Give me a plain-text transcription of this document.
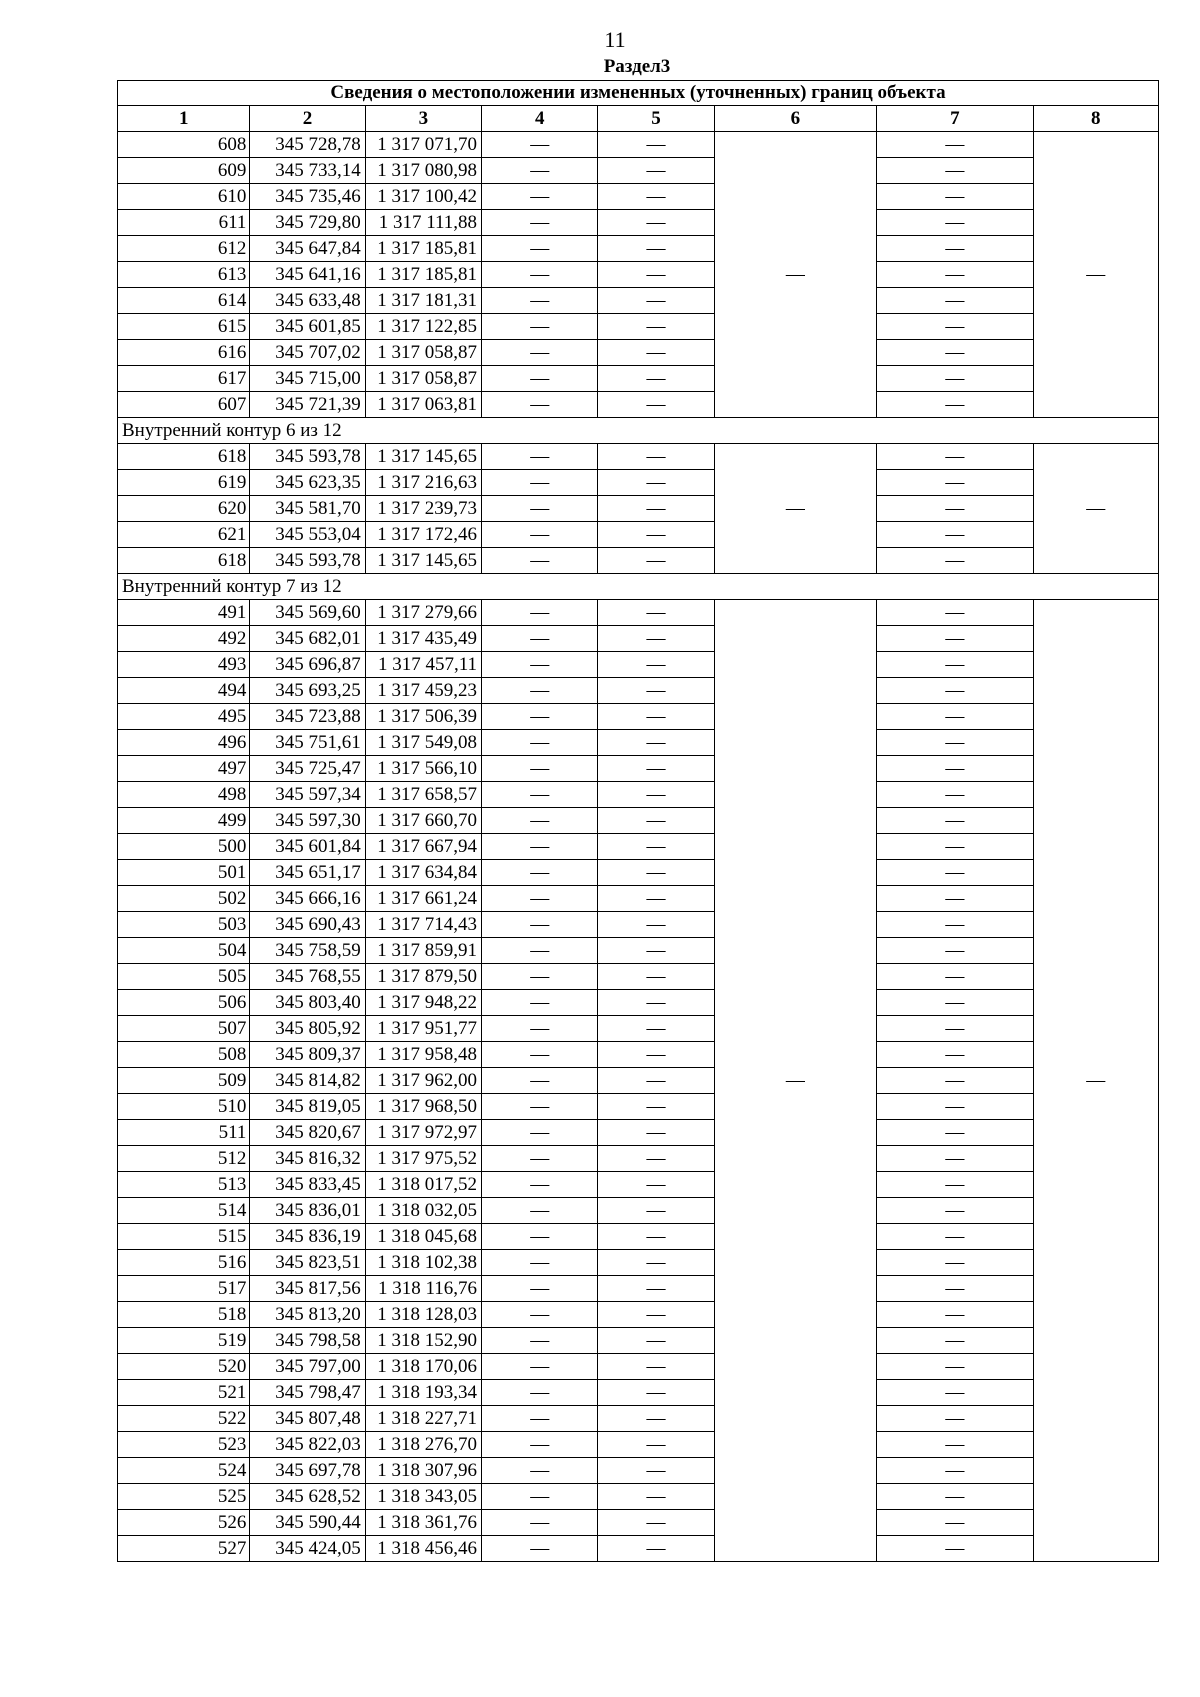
11
Раздел3
Сведения о местоположении измененных (уточненных) границ объекта							
1	2	3	4	5	6	7	8
608	345 728,78	1 317 071,70	—	—	—	—	—
609	345 733,14	1 317 080,98	—	—		—	
610	345 735,46	1 317 100,42	—	—		—	
611	345 729,80	1 317 111,88	—	—		—	
612	345 647,84	1 317 185,81	—	—		—	
613	345 641,16	1 317 185,81	—	—		—	
614	345 633,48	1 317 181,31	—	—		—	
615	345 601,85	1 317 122,85	—	—		—	
616	345 707,02	1 317 058,87	—	—		—	
617	345 715,00	1 317 058,87	—	—		—	
607	345 721,39	1 317 063,81	—	—		—	
Внутренний контур 6 из 12							
618	345 593,78	1 317 145,65	—	—	—	—	—
619	345 623,35	1 317 216,63	—	—		—	
620	345 581,70	1 317 239,73	—	—		—	
621	345 553,04	1 317 172,46	—	—		—	
618	345 593,78	1 317 145,65	—	—		—	
Внутренний контур 7 из 12							
491	345 569,60	1 317 279,66	—	—	—	—	—
492	345 682,01	1 317 435,49	—	—		—	
493	345 696,87	1 317 457,11	—	—		—	
494	345 693,25	1 317 459,23	—	—		—	
495	345 723,88	1 317 506,39	—	—		—	
496	345 751,61	1 317 549,08	—	—		—	
497	345 725,47	1 317 566,10	—	—		—	
498	345 597,34	1 317 658,57	—	—		—	
499	345 597,30	1 317 660,70	—	—		—	
500	345 601,84	1 317 667,94	—	—		—	
501	345 651,17	1 317 634,84	—	—		—	
502	345 666,16	1 317 661,24	—	—		—	
503	345 690,43	1 317 714,43	—	—		—	
504	345 758,59	1 317 859,91	—	—		—	
505	345 768,55	1 317 879,50	—	—		—	
506	345 803,40	1 317 948,22	—	—		—	
507	345 805,92	1 317 951,77	—	—		—	
508	345 809,37	1 317 958,48	—	—		—	
509	345 814,82	1 317 962,00	—	—		—	
510	345 819,05	1 317 968,50	—	—		—	
511	345 820,67	1 317 972,97	—	—		—	
512	345 816,32	1 317 975,52	—	—		—	
513	345 833,45	1 318 017,52	—	—		—	
514	345 836,01	1 318 032,05	—	—		—	
515	345 836,19	1 318 045,68	—	—		—	
516	345 823,51	1 318 102,38	—	—		—	
517	345 817,56	1 318 116,76	—	—		—	
518	345 813,20	1 318 128,03	—	—		—	
519	345 798,58	1 318 152,90	—	—		—	
520	345 797,00	1 318 170,06	—	—		—	
521	345 798,47	1 318 193,34	—	—		—	
522	345 807,48	1 318 227,71	—	—		—	
523	345 822,03	1 318 276,70	—	—		—	
524	345 697,78	1 318 307,96	—	—		—	
525	345 628,52	1 318 343,05	—	—		—	
526	345 590,44	1 318 361,76	—	—		—	
527	345 424,05	1 318 456,46	—	—		—	
